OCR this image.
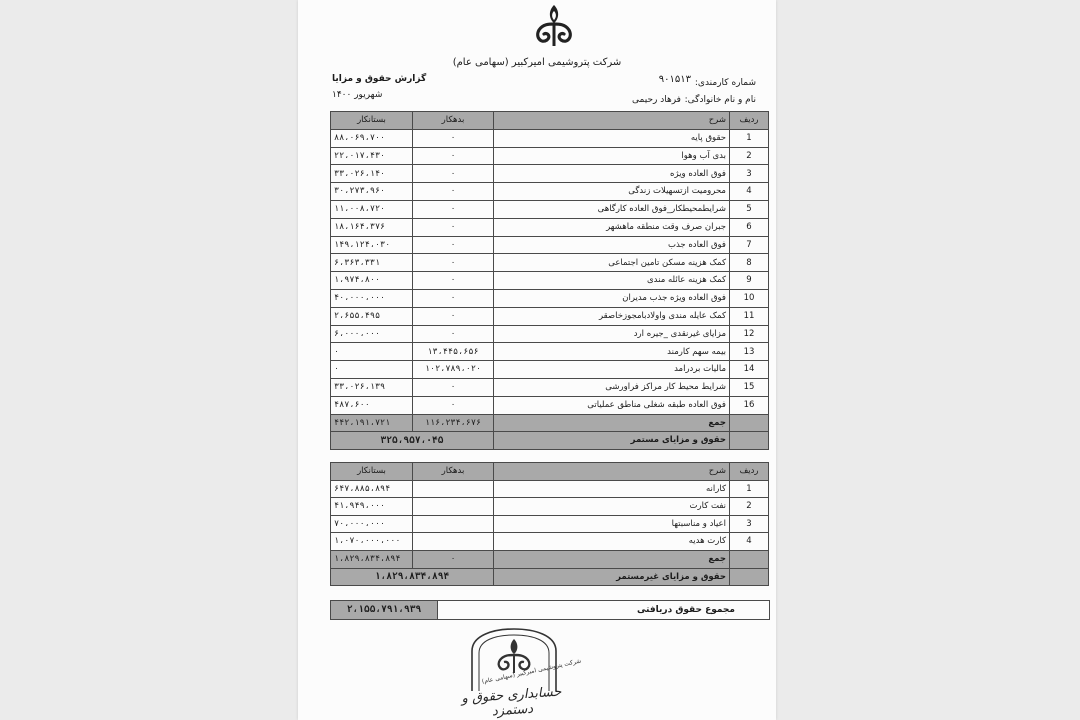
شرکت پتروشیمی امیرکبیر (سهامی عام)
گزارش حقوق و مزایا
شهریور ۱۴۰۰
شماره کارمندی:
۹۰۱۵۱۳
نام و نام خانوادگی:
فرهاد رحیمی
بستانکار	بدهکار	شرح	ردیف
۸۸،۰۶۹،۷۰۰	۰	حقوق پایه	1
۲۲،۰۱۷،۴۳۰	۰	بدی آب وهوا	2
۳۳،۰۲۶،۱۴۰	۰	فوق العاده ویژه	3
۳۰،۲۷۳،۹۶۰	۰	محرومیت ازتسهیلات زندگی	4
۱۱،۰۰۸،۷۲۰	۰	شرایطمحیطکار_فوق العاده کارگاهی	5
۱۸،۱۶۴،۳۷۶	۰	جبران صرف وقت منطقه ماهشهر	6
۱۴۹،۱۲۴،۰۳۰	۰	فوق العاده جذب	7
۶،۳۶۳،۳۳۱	۰	کمک هزینه مسکن تامین اجتماعی	8
۱،۹۷۴،۸۰۰	۰	کمک هزینه عائله مندی	9
۴۰،۰۰۰،۰۰۰	۰	فوق العاده ویژه جذب مدیران	10
۲،۶۵۵،۴۹۵	۰	کمک عایله مندی واولادبامجوزخاصقر	11
۶،۰۰۰،۰۰۰	۰	مزایای غیرنقدی _جیره ارد	12
۰	۱۳،۴۴۵،۶۵۶	بیمه سهم کارمند	13
۰	۱۰۲،۷۸۹،۰۲۰	مالیات بردرامد	14
۳۳،۰۲۶،۱۳۹	۰	شرایط محیط کار مراکز فراورشی	15
۴۸۷،۶۰۰	۰	فوق العاده طبقه شغلی مناطق عملیاتی	16
۴۴۲،۱۹۱،۷۲۱	۱۱۶،۲۳۴،۶۷۶	جمع	
۳۲۵،۹۵۷،۰۴۵		حقوق و مزایای مستمر	
بستانکار	بدهکار	شرح	ردیف
۶۴۷،۸۸۵،۸۹۴		کارانه	1
۴۱،۹۴۹،۰۰۰		نفت کارت	2
۷۰،۰۰۰،۰۰۰		اعیاد و مناسبتها	3
۱،۰۷۰،۰۰۰،۰۰۰		کارت هدیه	4
۱،۸۲۹،۸۳۴،۸۹۴	۰	جمع	
۱،۸۲۹،۸۳۴،۸۹۴		حقوق و مزایای غیرمستمر	
۲،۱۵۵،۷۹۱،۹۳۹	مجموع حقوق دریافتی
شرکت پتروشیمی امیرکبیر (سهامی عام)
حسابداری حقوق و دستمزد
